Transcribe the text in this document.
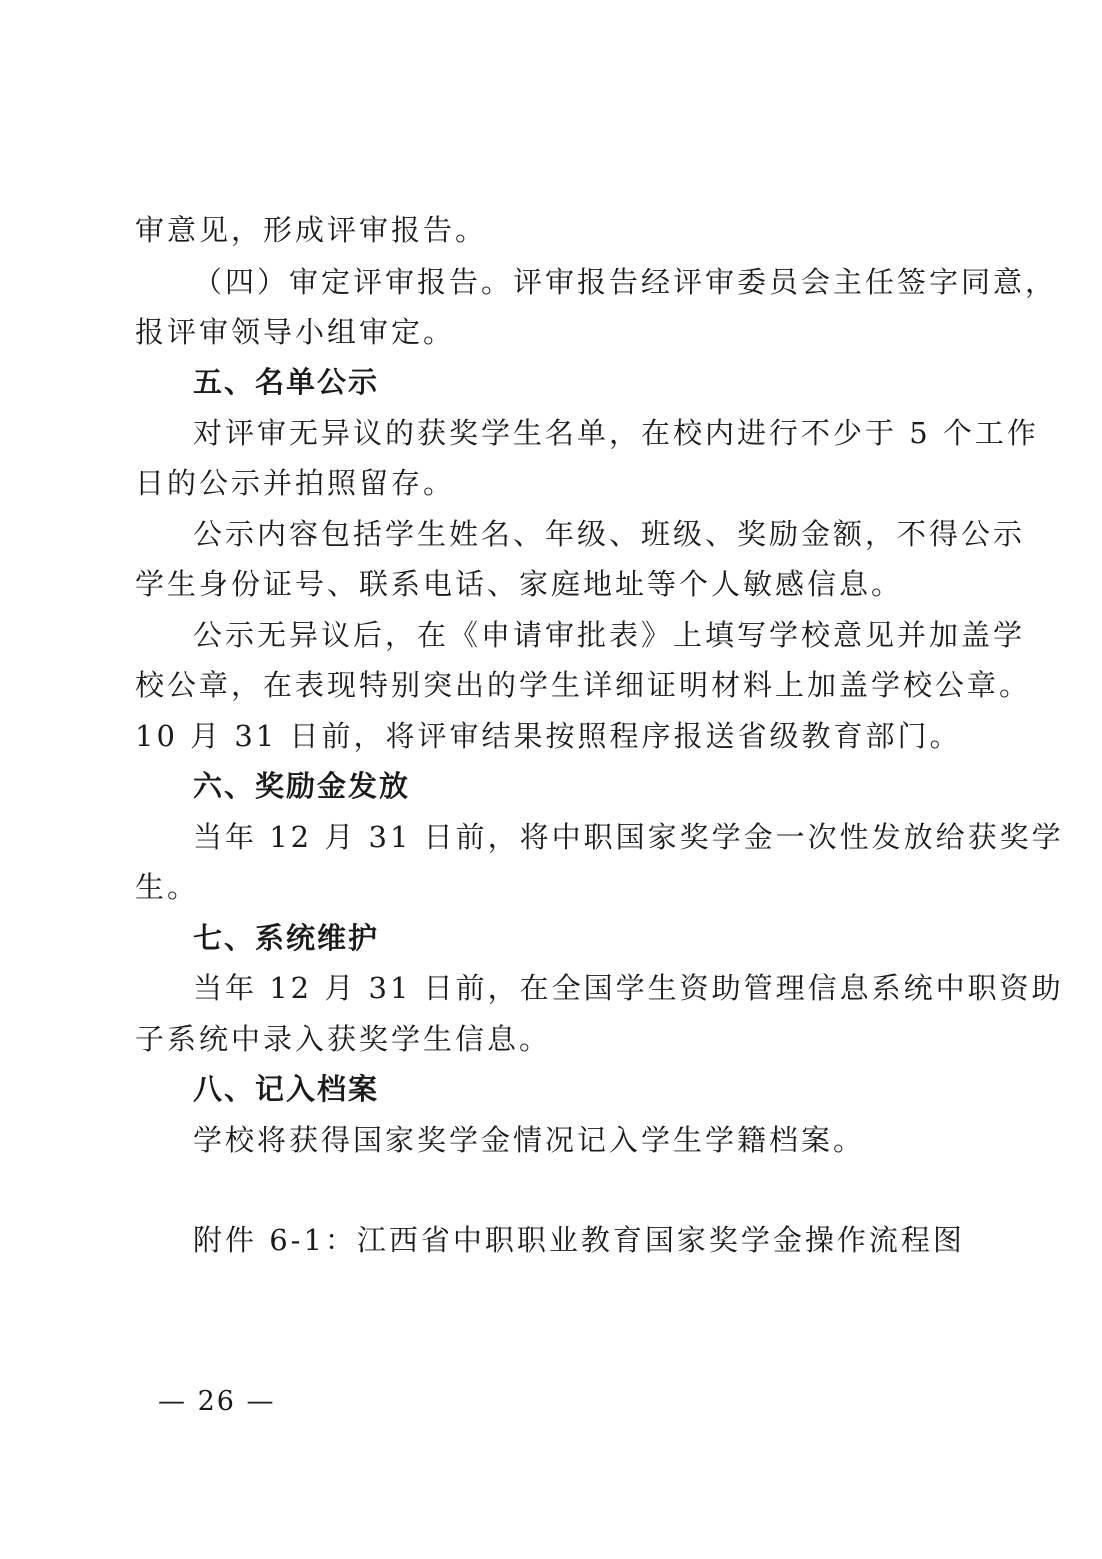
审意见，形成评审报告。
（四）审定评审报告。评审报告经评审委员会主任签字同意，
报评审领导小组审定。
五、名单公示
对评审无异议的获奖学生名单，在校内进行不少于 5 个工作
日的公示并拍照留存。
公示内容包括学生姓名、年级、班级、奖励金额，不得公示
学生身份证号、联系电话、家庭地址等个人敏感信息。
公示无异议后，在《申请审批表》上填写学校意见并加盖学
校公章，在表现特别突出的学生详细证明材料上加盖学校公章。
10 月 31 日前，将评审结果按照程序报送省级教育部门。
六、奖励金发放
当年 12 月 31 日前，将中职国家奖学金一次性发放给获奖学
生。
七、系统维护
当年 12 月 31 日前，在全国学生资助管理信息系统中职资助
子系统中录入获奖学生信息。
八、记入档案
学校将获得国家奖学金情况记入学生学籍档案。
附件 6-1：江西省中职职业教育国家奖学金操作流程图
— 26 —
